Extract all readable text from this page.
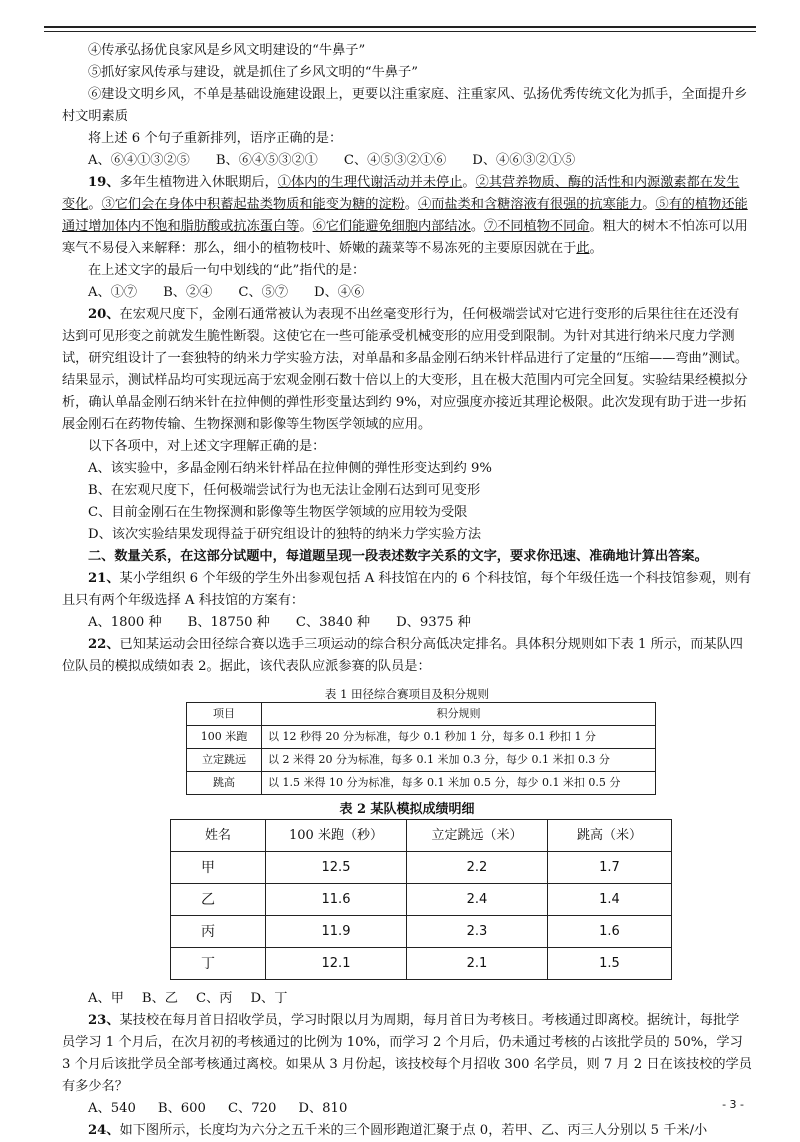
④传承弘扬优良家风是乡风文明建设的“牛鼻子”

⑤抓好家风传承与建设，就是抓住了乡风文明的“牛鼻子”

⑥建设文明乡风，不单是基础设施建设跟上，更要以注重家庭、注重家风、弘扬优秀传统文化为抓手，全面提升乡村文明素质

将上述 6 个句子重新排列，语序正确的是：

A、⑥④①③②⑤ B、⑥④⑤③②① C、④⑤③②①⑥ D、④⑥③②①⑤

19、多年生植物进入休眠期后，①体内的生理代谢活动并未停止。②其营养物质、酶的活性和内源激素都在发生变化。③它们会在身体中积蓄起盐类物质和能变为糖的淀粉。④而盐类和含糖溶液有很强的抗寒能力。⑤有的植物还能通过增加体内不饱和脂肪酸或抗冻蛋白等。⑥它们能避免细胞内部结冰。⑦不同植物不同命。粗大的树木不怕冻可以用寒气不易侵入来解释：那么，细小的植物枝叶、娇嫩的蔬菜等不易冻死的主要原因就在于此。

在上述文字的最后一句中划线的“此”指代的是：

A、①⑦ B、②④ C、⑤⑦ D、④⑥

20、在宏观尺度下，金刚石通常被认为表现不出丝毫变形行为，任何极端尝试对它进行变形的后果往往在还没有达到可见形变之前就发生脆性断裂。这使它在一些可能承受机械变形的应用受到限制。为针对其进行纳米尺度力学测试，研究组设计了一套独特的纳米力学实验方法，对单晶和多晶金刚石纳米针样品进行了定量的“压缩——弯曲”测试。结果显示，测试样品均可实现远高于宏观金刚石数十倍以上的大变形，且在极大范围内可完全回复。实验结果经模拟分析，确认单晶金刚石纳米针在拉伸侧的弹性形变量达到约 9%，对应强度亦接近其理论极限。此次发现有助于进一步拓展金刚石在药物传输、生物探测和影像等生物医学领域的应用。

以下各项中，对上述文字理解正确的是：

A、该实验中，多晶金刚石纳米针样品在拉伸侧的弹性形变达到约 9%

B、在宏观尺度下，任何极端尝试行为也无法让金刚石达到可见变形

C、目前金刚石在生物探测和影像等生物医学领域的应用较为受限

D、该次实验结果发现得益于研究组设计的独特的纳米力学实验方法

二、数量关系，在这部分试题中，每道题呈现一段表述数字关系的文字，要求你迅速、准确地计算出答案。

21、某小学组织 6 个年级的学生外出参观包括 A 科技馆在内的 6 个科技馆，每个年级任选一个科技馆参观，则有且只有两个年级选择 A 科技馆的方案有：

A、1800 种 B、18750 种 C、3840 种 D、9375 种

22、已知某运动会田径综合赛以选手三项运动的综合积分高低决定排名。具体积分规则如下表 1 所示，而某队四位队员的模拟成绩如表 2。据此，该代表队应派参赛的队员是：

表 1 田径综合赛项目及积分规则
项目	积分规则
100 米跑	以 12 秒得 20 分为标准，每少 0.1 秒加 1 分，每多 0.1 秒扣 1 分
立定跳远	以 2 米得 20 分为标准，每多 0.1 米加 0.3 分，每少 0.1 米扣 0.3 分
跳高	以 1.5 米得 10 分为标准，每多 0.1 米加 0.5 分，每少 0.1 米扣 0.5 分
表 2 某队模拟成绩明细
姓名	100 米跑（秒）	立定跳远（米）	跳高（米）
甲	12.5	2.2	1.7
乙	11.6	2.4	1.4
丙	11.9	2.3	1.6
丁	12.1	2.1	1.5

A、甲 B、乙 C、丙 D、丁

23、某技校在每月首日招收学员，学习时限以月为周期，每月首日为考核日。考核通过即离校。据统计，每批学员学习 1 个月后，在次月初的考核通过的比例为 10%，而学习 2 个月后，仍未通过考核的占该批学员的 50%，学习 3 个月后该批学员全部考核通过离校。如果从 3 月份起，该技校每个月招收 300 名学员，则 7 月 2 日在该技校的学员有多少名？

A、540 B、600 C、720 D、810

24、如下图所示，长度均为六分之五千米的三个圆形跑道汇聚于点 0，若甲、乙、丙三人分别以 5 千米/小

- 3 -
